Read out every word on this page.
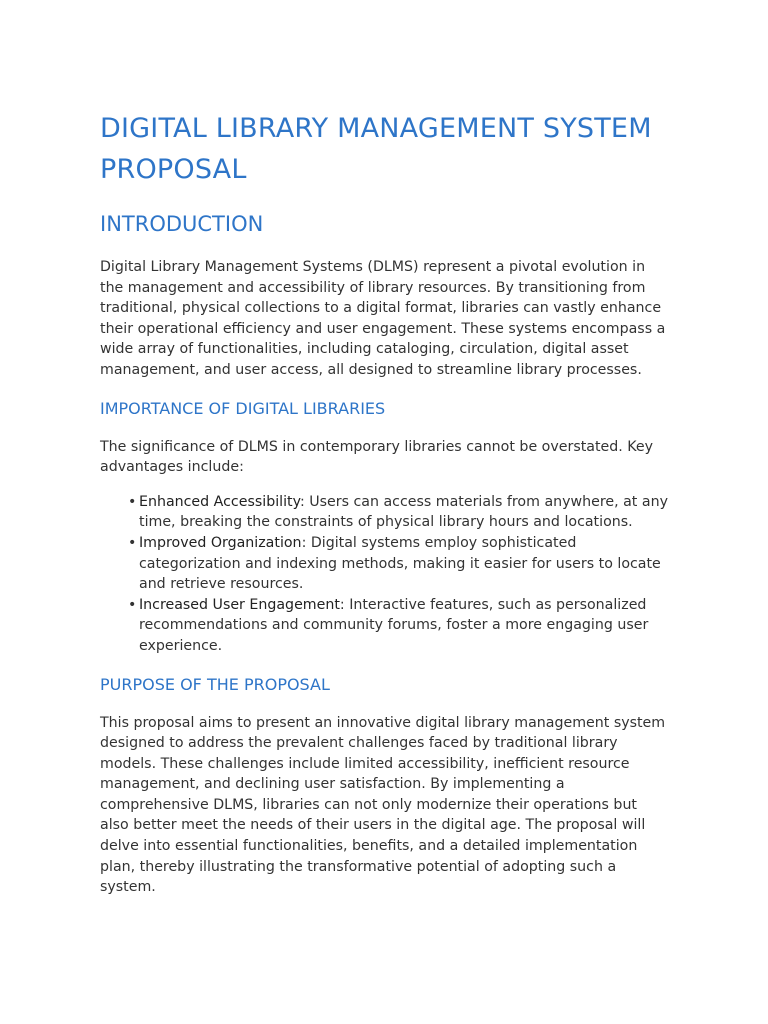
DIGITAL LIBRARY MANAGEMENT SYSTEM PROPOSAL
INTRODUCTION

Digital Library Management Systems (DLMS) represent a pivotal evolution in the management and accessibility of library resources. By transitioning from traditional, physical collections to a digital format, libraries can vastly enhance their operational efficiency and user engagement. These systems encompass a wide array of functionalities, including cataloging, circulation, digital asset management, and user access, all designed to streamline library processes.

IMPORTANCE OF DIGITAL LIBRARIES

The significance of DLMS in contemporary libraries cannot be overstated. Key advantages include:

• Enhanced Accessibility: Users can access materials from anywhere, at any time, breaking the constraints of physical library hours and locations.
• Improved Organization: Digital systems employ sophisticated categorization and indexing methods, making it easier for users to locate and retrieve resources.
• Increased User Engagement: Interactive features, such as personalized recommendations and community forums, foster a more engaging user experience.
PURPOSE OF THE PROPOSAL

This proposal aims to present an innovative digital library management system designed to address the prevalent challenges faced by traditional library models. These challenges include limited accessibility, inefficient resource management, and declining user satisfaction. By implementing a comprehensive DLMS, libraries can not only modernize their operations but also better meet the needs of their users in the digital age. The proposal will delve into essential functionalities, benefits, and a detailed implementation plan, thereby illustrating the transformative potential of adopting such a system.
